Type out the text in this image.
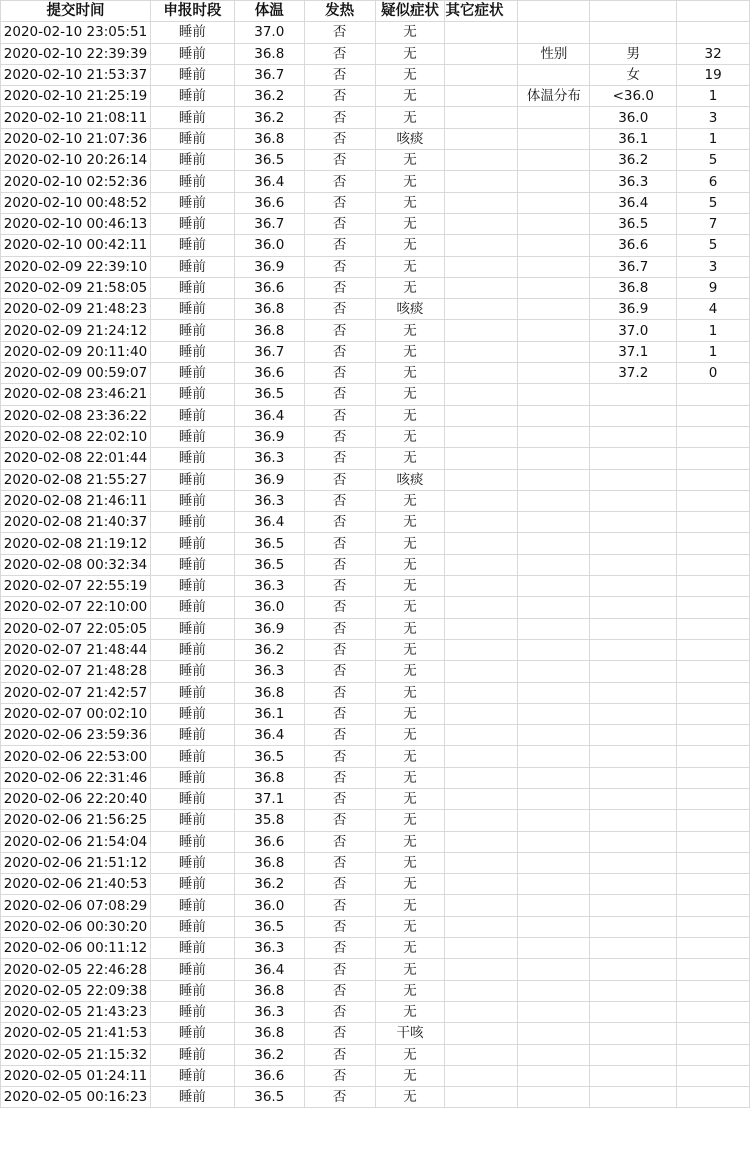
提交时间	申报时段	体温	发热	疑似症状	其它症状			
2020-02-10 23:05:51	睡前	37.0	否	无				
2020-02-10 22:39:39	睡前	36.8	否	无		性别	男	32
2020-02-10 21:53:37	睡前	36.7	否	无			女	19
2020-02-10 21:25:19	睡前	36.2	否	无		体温分布	<36.0	1
2020-02-10 21:08:11	睡前	36.2	否	无			36.0	3
2020-02-10 21:07:36	睡前	36.8	否	咳痰			36.1	1
2020-02-10 20:26:14	睡前	36.5	否	无			36.2	5
2020-02-10 02:52:36	睡前	36.4	否	无			36.3	6
2020-02-10 00:48:52	睡前	36.6	否	无			36.4	5
2020-02-10 00:46:13	睡前	36.7	否	无			36.5	7
2020-02-10 00:42:11	睡前	36.0	否	无			36.6	5
2020-02-09 22:39:10	睡前	36.9	否	无			36.7	3
2020-02-09 21:58:05	睡前	36.6	否	无			36.8	9
2020-02-09 21:48:23	睡前	36.8	否	咳痰			36.9	4
2020-02-09 21:24:12	睡前	36.8	否	无			37.0	1
2020-02-09 20:11:40	睡前	36.7	否	无			37.1	1
2020-02-09 00:59:07	睡前	36.6	否	无			37.2	0
2020-02-08 23:46:21	睡前	36.5	否	无				
2020-02-08 23:36:22	睡前	36.4	否	无				
2020-02-08 22:02:10	睡前	36.9	否	无				
2020-02-08 22:01:44	睡前	36.3	否	无				
2020-02-08 21:55:27	睡前	36.9	否	咳痰				
2020-02-08 21:46:11	睡前	36.3	否	无				
2020-02-08 21:40:37	睡前	36.4	否	无				
2020-02-08 21:19:12	睡前	36.5	否	无				
2020-02-08 00:32:34	睡前	36.5	否	无				
2020-02-07 22:55:19	睡前	36.3	否	无				
2020-02-07 22:10:00	睡前	36.0	否	无				
2020-02-07 22:05:05	睡前	36.9	否	无				
2020-02-07 21:48:44	睡前	36.2	否	无				
2020-02-07 21:48:28	睡前	36.3	否	无				
2020-02-07 21:42:57	睡前	36.8	否	无				
2020-02-07 00:02:10	睡前	36.1	否	无				
2020-02-06 23:59:36	睡前	36.4	否	无				
2020-02-06 22:53:00	睡前	36.5	否	无				
2020-02-06 22:31:46	睡前	36.8	否	无				
2020-02-06 22:20:40	睡前	37.1	否	无				
2020-02-06 21:56:25	睡前	35.8	否	无				
2020-02-06 21:54:04	睡前	36.6	否	无				
2020-02-06 21:51:12	睡前	36.8	否	无				
2020-02-06 21:40:53	睡前	36.2	否	无				
2020-02-06 07:08:29	睡前	36.0	否	无				
2020-02-06 00:30:20	睡前	36.5	否	无				
2020-02-06 00:11:12	睡前	36.3	否	无				
2020-02-05 22:46:28	睡前	36.4	否	无				
2020-02-05 22:09:38	睡前	36.8	否	无				
2020-02-05 21:43:23	睡前	36.3	否	无				
2020-02-05 21:41:53	睡前	36.8	否	干咳				
2020-02-05 21:15:32	睡前	36.2	否	无				
2020-02-05 01:24:11	睡前	36.6	否	无				
2020-02-05 00:16:23	睡前	36.5	否	无				
